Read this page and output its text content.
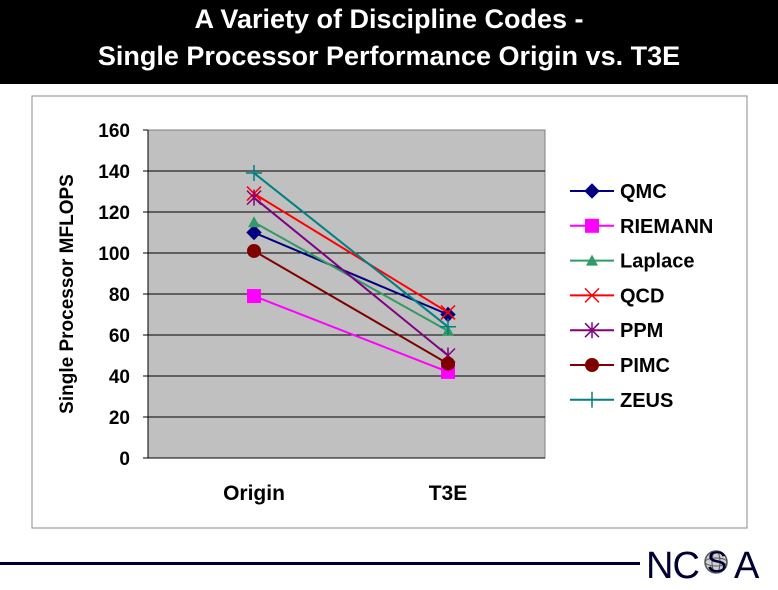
A Variety of Discipline Codes -
Single Processor Performance Origin vs. T3E
0
20
40
60
80
100
120
140
160
Origin	T3E
Single Processor MFLOPS	QMC
RIEMANN
Laplace
QCD
PPM
PIMC
ZEUS
NC S A
